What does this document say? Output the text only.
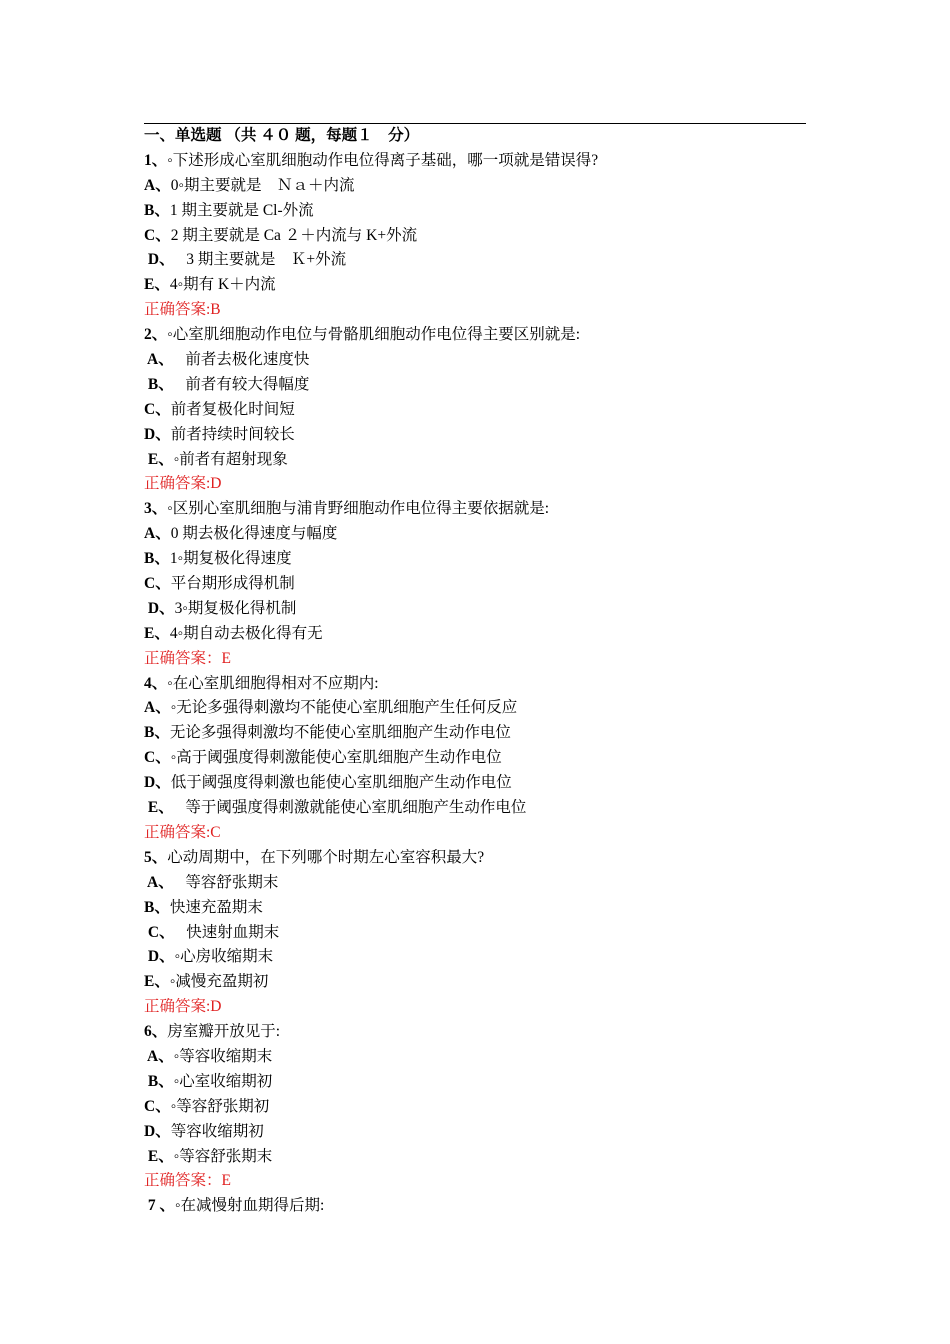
一、单选题 （共 ４０ 题，每题１　分）
1、◦下述形成心室肌细胞动作电位得离子基础，哪一项就是错误得?
A、0◦期主要就是　Ｎａ＋内流
B、1 期主要就是 Cl-外流
C、2 期主要就是 Ca ２＋内流与 K+外流
D、　 3 期主要就是　Ｋ+外流
E、4◦期有 K＋内流
正确答案:B
2、◦心室肌细胞动作电位与骨骼肌细胞动作电位得主要区别就是:
A、　 前者去极化速度快
B、　 前者有较大得幅度
C、前者复极化时间短
D、前者持续时间较长
E、◦前者有超射现象
正确答案:D
3、◦区别心室肌细胞与浦肯野细胞动作电位得主要依据就是:
A、0 期去极化得速度与幅度
B、1◦期复极化得速度
C、平台期形成得机制
D、3◦期复极化得机制
E、4◦期自动去极化得有无
正确答案：E
4、◦在心室肌细胞得相对不应期内:
A、◦无论多强得刺激均不能使心室肌细胞产生任何反应
B、无论多强得刺激均不能使心室肌细胞产生动作电位
C、◦高于阈强度得刺激能使心室肌细胞产生动作电位
D、低于阈强度得刺激也能使心室肌细胞产生动作电位
E、　 等于阈强度得刺激就能使心室肌细胞产生动作电位
正确答案:C
5、心动周期中，在下列哪个时期左心室容积最大?
A、　 等容舒张期末
B、快速充盈期末
C、　 快速射血期末
D、◦心房收缩期末
E、◦减慢充盈期初
正确答案:D
6、房室瓣开放见于:
A、◦等容收缩期末
B、◦心室收缩期初
C、◦等容舒张期初
D、等容收缩期初
E、◦等容舒张期末
正确答案：E
7 、◦在减慢射血期得后期:
